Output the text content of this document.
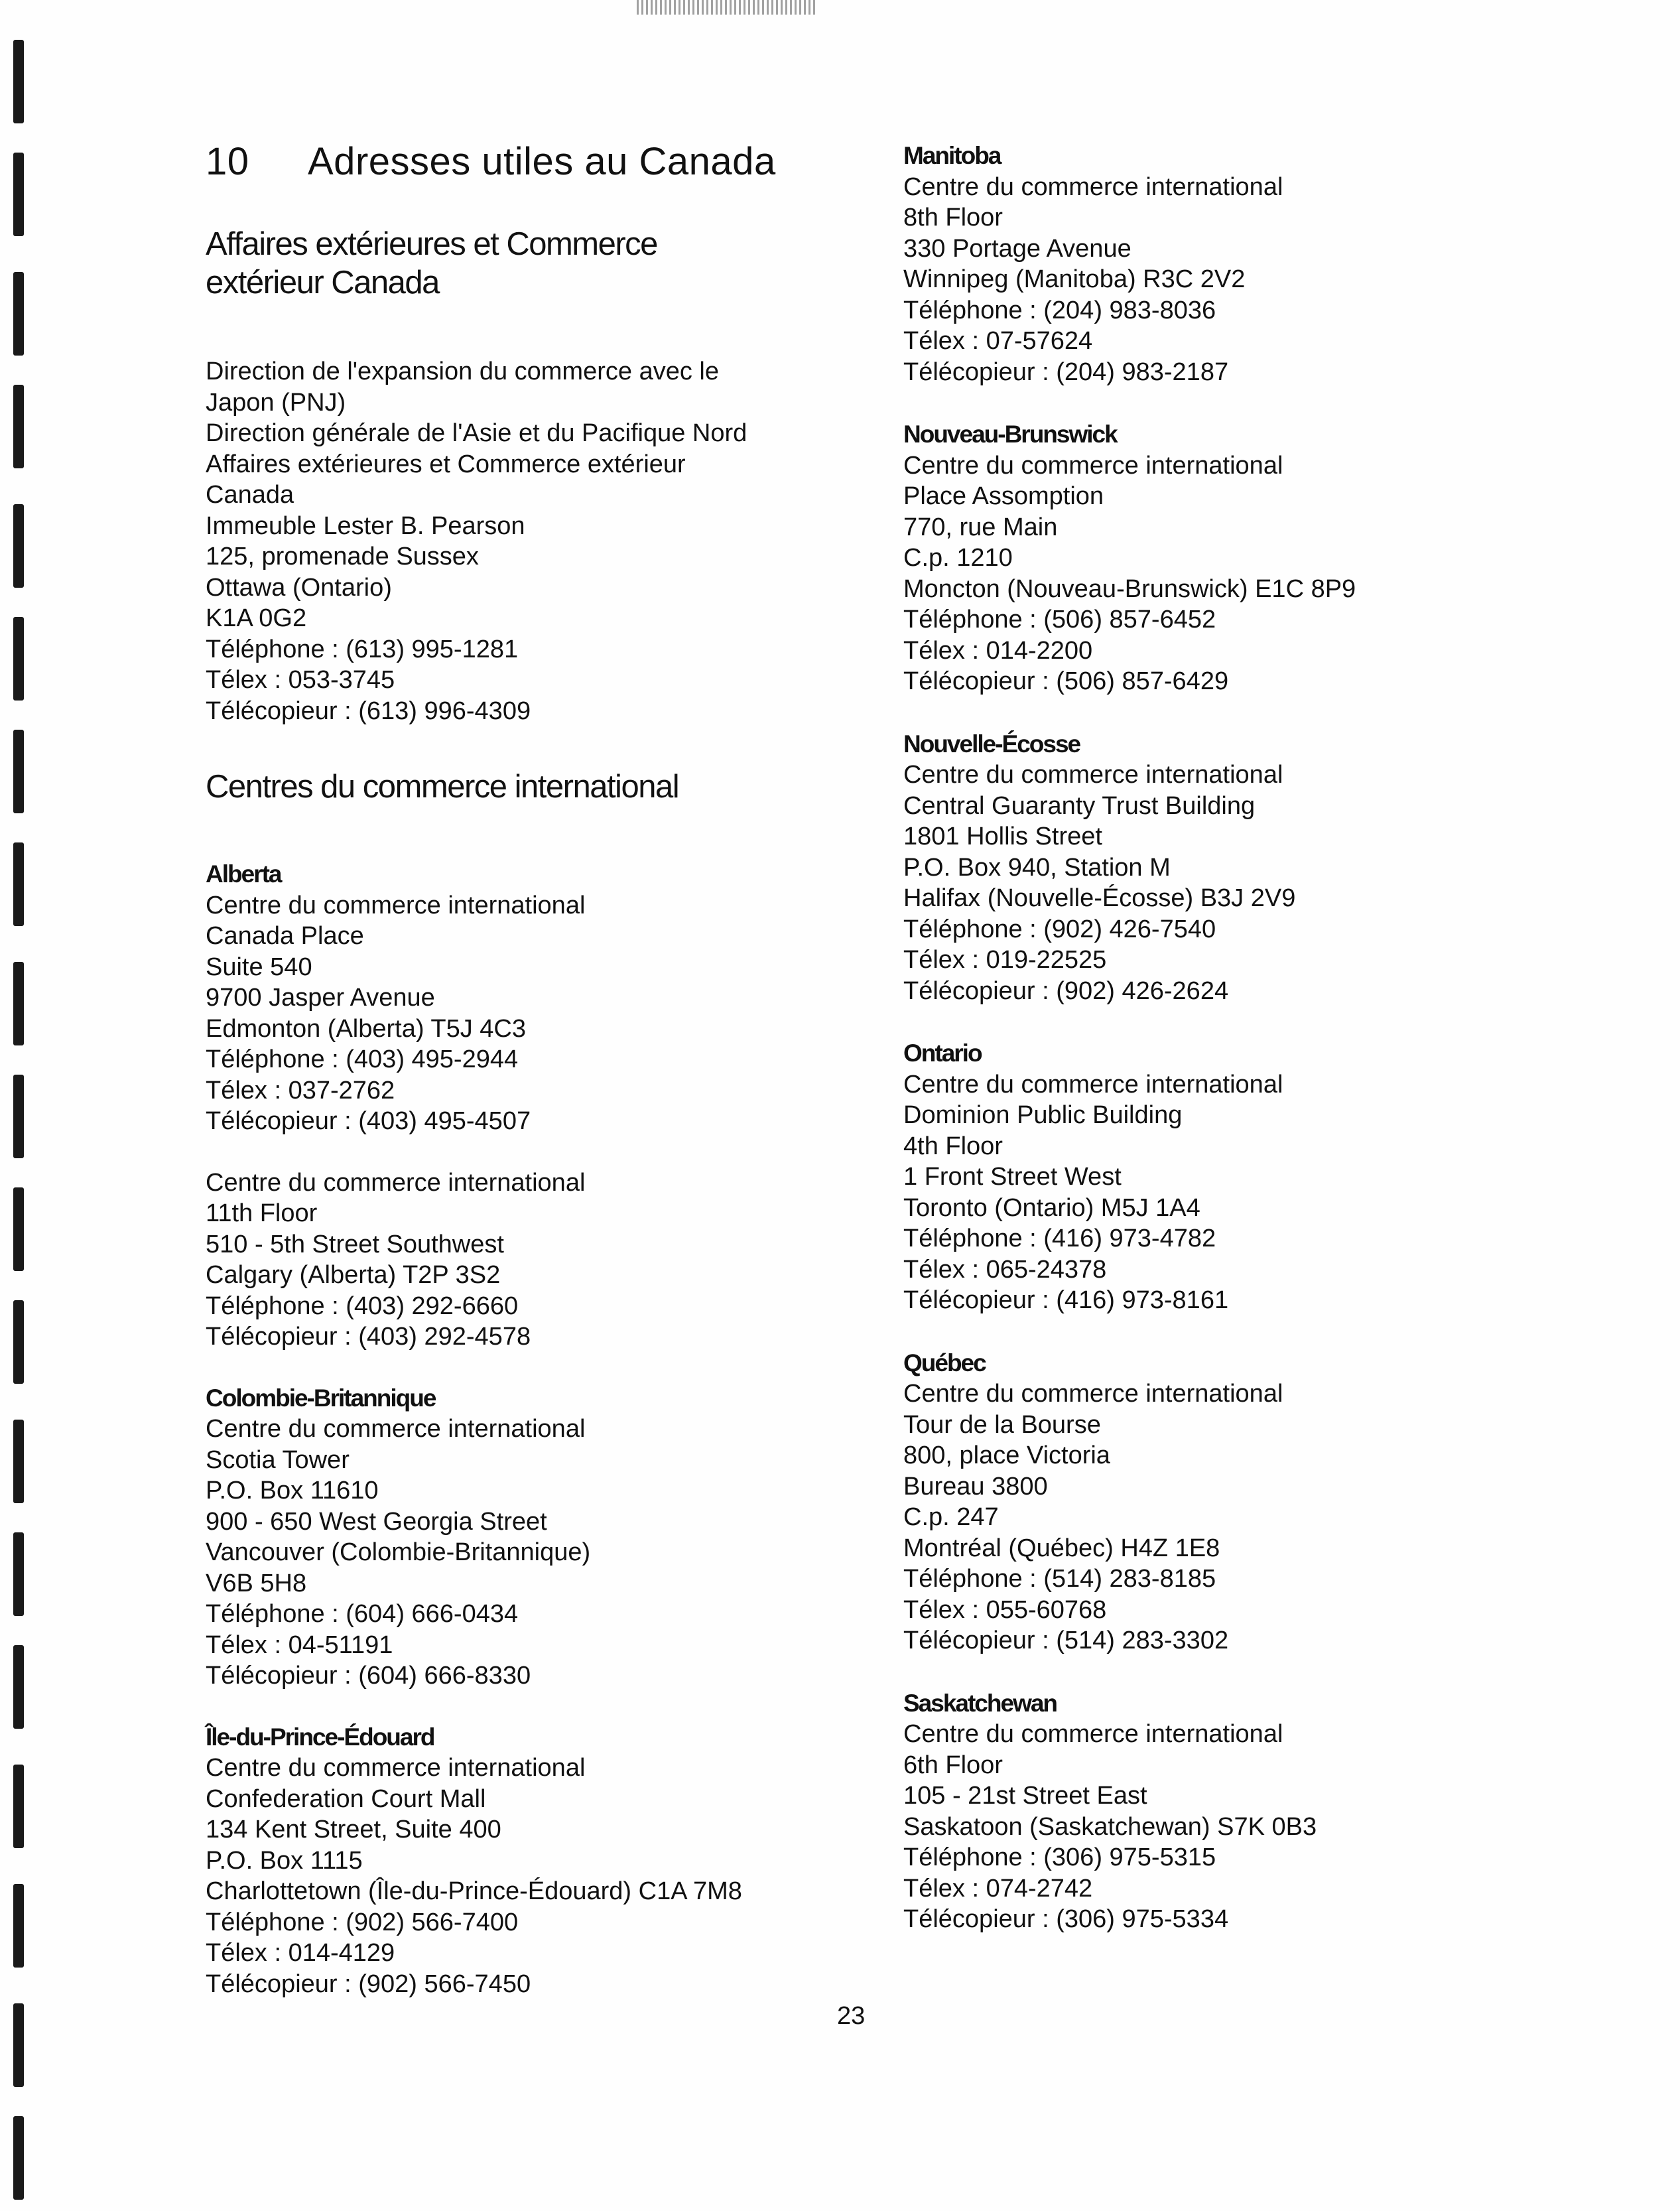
10 Adresses utiles au Canada
Affaires extérieures et Commerce
extérieur Canada
Direction de l'expansion du commerce avec le
Japon (PNJ)
Direction générale de l'Asie et du Pacifique Nord
Affaires extérieures et Commerce extérieur
Canada
Immeuble Lester B. Pearson
125, promenade Sussex
Ottawa (Ontario)
K1A 0G2
Téléphone : (613) 995-1281
Télex : 053-3745
Télécopieur : (613) 996-4309
Centres du commerce international
Alberta
Centre du commerce international
Canada Place
Suite 540
9700 Jasper Avenue
Edmonton (Alberta) T5J 4C3
Téléphone : (403) 495-2944
Télex : 037-2762
Télécopieur : (403) 495-4507
Centre du commerce international
11th Floor
510 - 5th Street Southwest
Calgary (Alberta) T2P 3S2
Téléphone : (403) 292-6660
Télécopieur : (403) 292-4578
Colombie-Britannique
Centre du commerce international
Scotia Tower
P.O. Box 11610
900 - 650 West Georgia Street
Vancouver (Colombie-Britannique)
V6B 5H8
Téléphone : (604) 666-0434
Télex : 04-51191
Télécopieur : (604) 666-8330
Île-du-Prince-Édouard
Centre du commerce international
Confederation Court Mall
134 Kent Street, Suite 400
P.O. Box 1115
Charlottetown (Île-du-Prince-Édouard) C1A 7M8
Téléphone : (902) 566-7400
Télex : 014-4129
Télécopieur : (902) 566-7450
Manitoba
Centre du commerce international
8th Floor
330 Portage Avenue
Winnipeg (Manitoba) R3C 2V2
Téléphone : (204) 983-8036
Télex : 07-57624
Télécopieur : (204) 983-2187
Nouveau-Brunswick
Centre du commerce international
Place Assomption
770, rue Main
C.p. 1210
Moncton (Nouveau-Brunswick) E1C 8P9
Téléphone : (506) 857-6452
Télex : 014-2200
Télécopieur : (506) 857-6429
Nouvelle-Écosse
Centre du commerce international
Central Guaranty Trust Building
1801 Hollis Street
P.O. Box 940, Station M
Halifax (Nouvelle-Écosse) B3J 2V9
Téléphone : (902) 426-7540
Télex : 019-22525
Télécopieur : (902) 426-2624
Ontario
Centre du commerce international
Dominion Public Building
4th Floor
1 Front Street West
Toronto (Ontario) M5J 1A4
Téléphone : (416) 973-4782
Télex : 065-24378
Télécopieur : (416) 973-8161
Québec
Centre du commerce international
Tour de la Bourse
800, place Victoria
Bureau 3800
C.p. 247
Montréal (Québec) H4Z 1E8
Téléphone : (514) 283-8185
Télex : 055-60768
Télécopieur : (514) 283-3302
Saskatchewan
Centre du commerce international
6th Floor
105 - 21st Street East
Saskatoon (Saskatchewan) S7K 0B3
Téléphone : (306) 975-5315
Télex : 074-2742
Télécopieur : (306) 975-5334
23
